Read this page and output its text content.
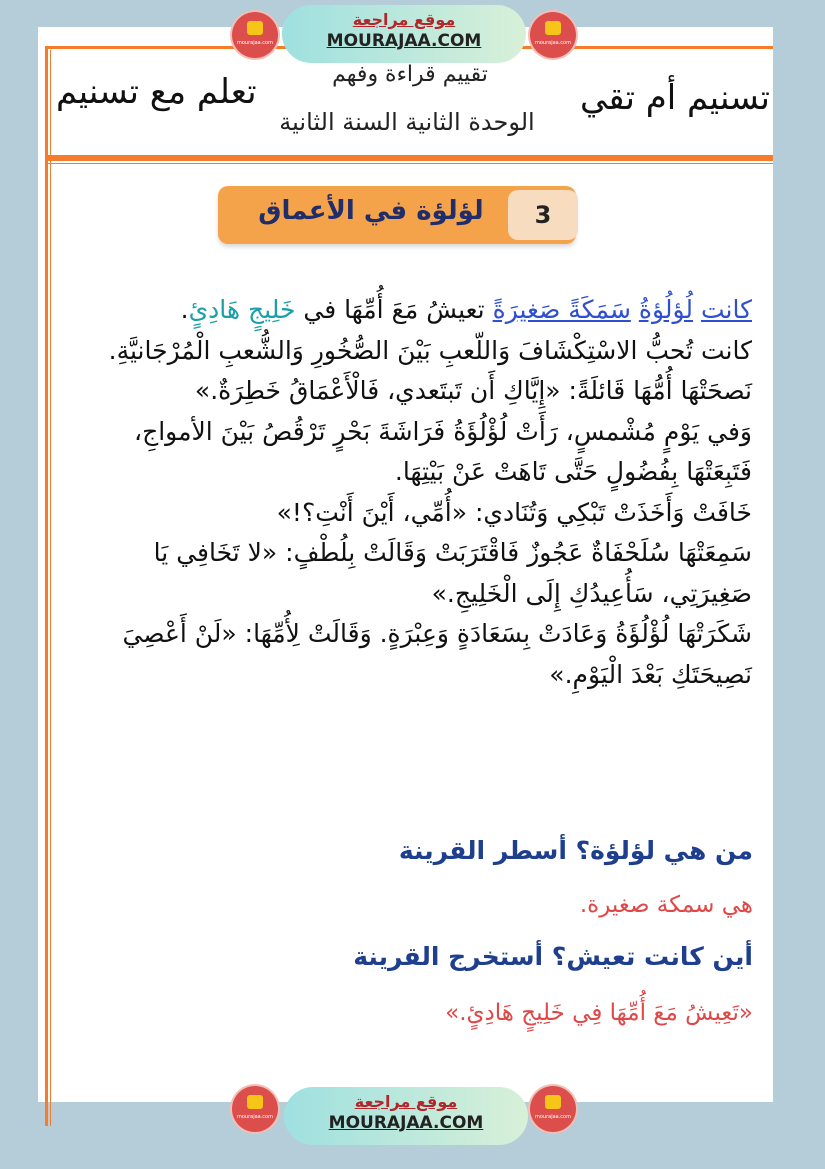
mourajaa.com
موقع مراجعة
MOURAJAA.COM	mourajaa.com
تسنيم أم تقي
تعلم مع تسنيم	تقييم قراءة وفهم
الوحدة الثانية السنة الثانية
3
لؤلؤة في الأعماق

كانت لُؤلُؤةُ سَمَكَةً صَغيرَةً تعيشُ مَعَ أُمِّهَا في خَلِيجٍ هَادِئٍ.

كانت تُحبُّ الاسْتِكْشَافَ وَاللّعبِ بَيْنَ الصُّخُورِ وَالشُّعبِ الْمُرْجَانيَّةِ.

نَصحَتْهَا أُمُّهَا قَائلَةً: «إِيَّاكِ أَن تَبتَعدي، فَالْأَعْمَاقُ خَطِرَةٌ.»

وَفي يَوْمٍ مُشْمسٍ، رَأَتْ لُؤْلُؤَةُ فَرَاشَةَ بَحْرٍ تَرْقُصُ بَيْنَ الأمواجِ، فَتَبِعَتْهَا بِفُضُولٍ حَتَّى تَاهَتْ عَنْ بَيْتِهَا.

خَافَتْ وَأَخَذَتْ تَبْكِي وَتُنَادي: «أُمِّي، أَيْنَ أَنْتِ؟!»

سَمِعَتْهَا سُلَحْفَاةٌ عَجُوزٌ فَاقْتَرَبَتْ وَقَالَتْ بِلُطْفٍ: «لا تَخَافِي يَا صَغِيرَتِي، سَأُعِيدُكِ إِلَى الْخَلِيجِ.»

شَكَرَتْهَا لُؤْلُؤَةُ وَعَادَتْ بِسَعَادَةٍ وَعِبْرَةٍ. وَقَالَتْ لِأُمِّهَا: «لَنْ أَعْصِيَ نَصِيحَتَكِ بَعْدَ الْيَوْمِ.»

من هي لؤلؤة؟ أسطر القرينة
هي سمكة صغيرة.
أين كانت تعيش؟ أستخرج القرينة
«تَعِيشُ مَعَ أُمِّهَا فِي خَلِيجٍ هَادِئٍ.»
mourajaa.com
موقع مراجعة
MOURAJAA.COM	mourajaa.com
